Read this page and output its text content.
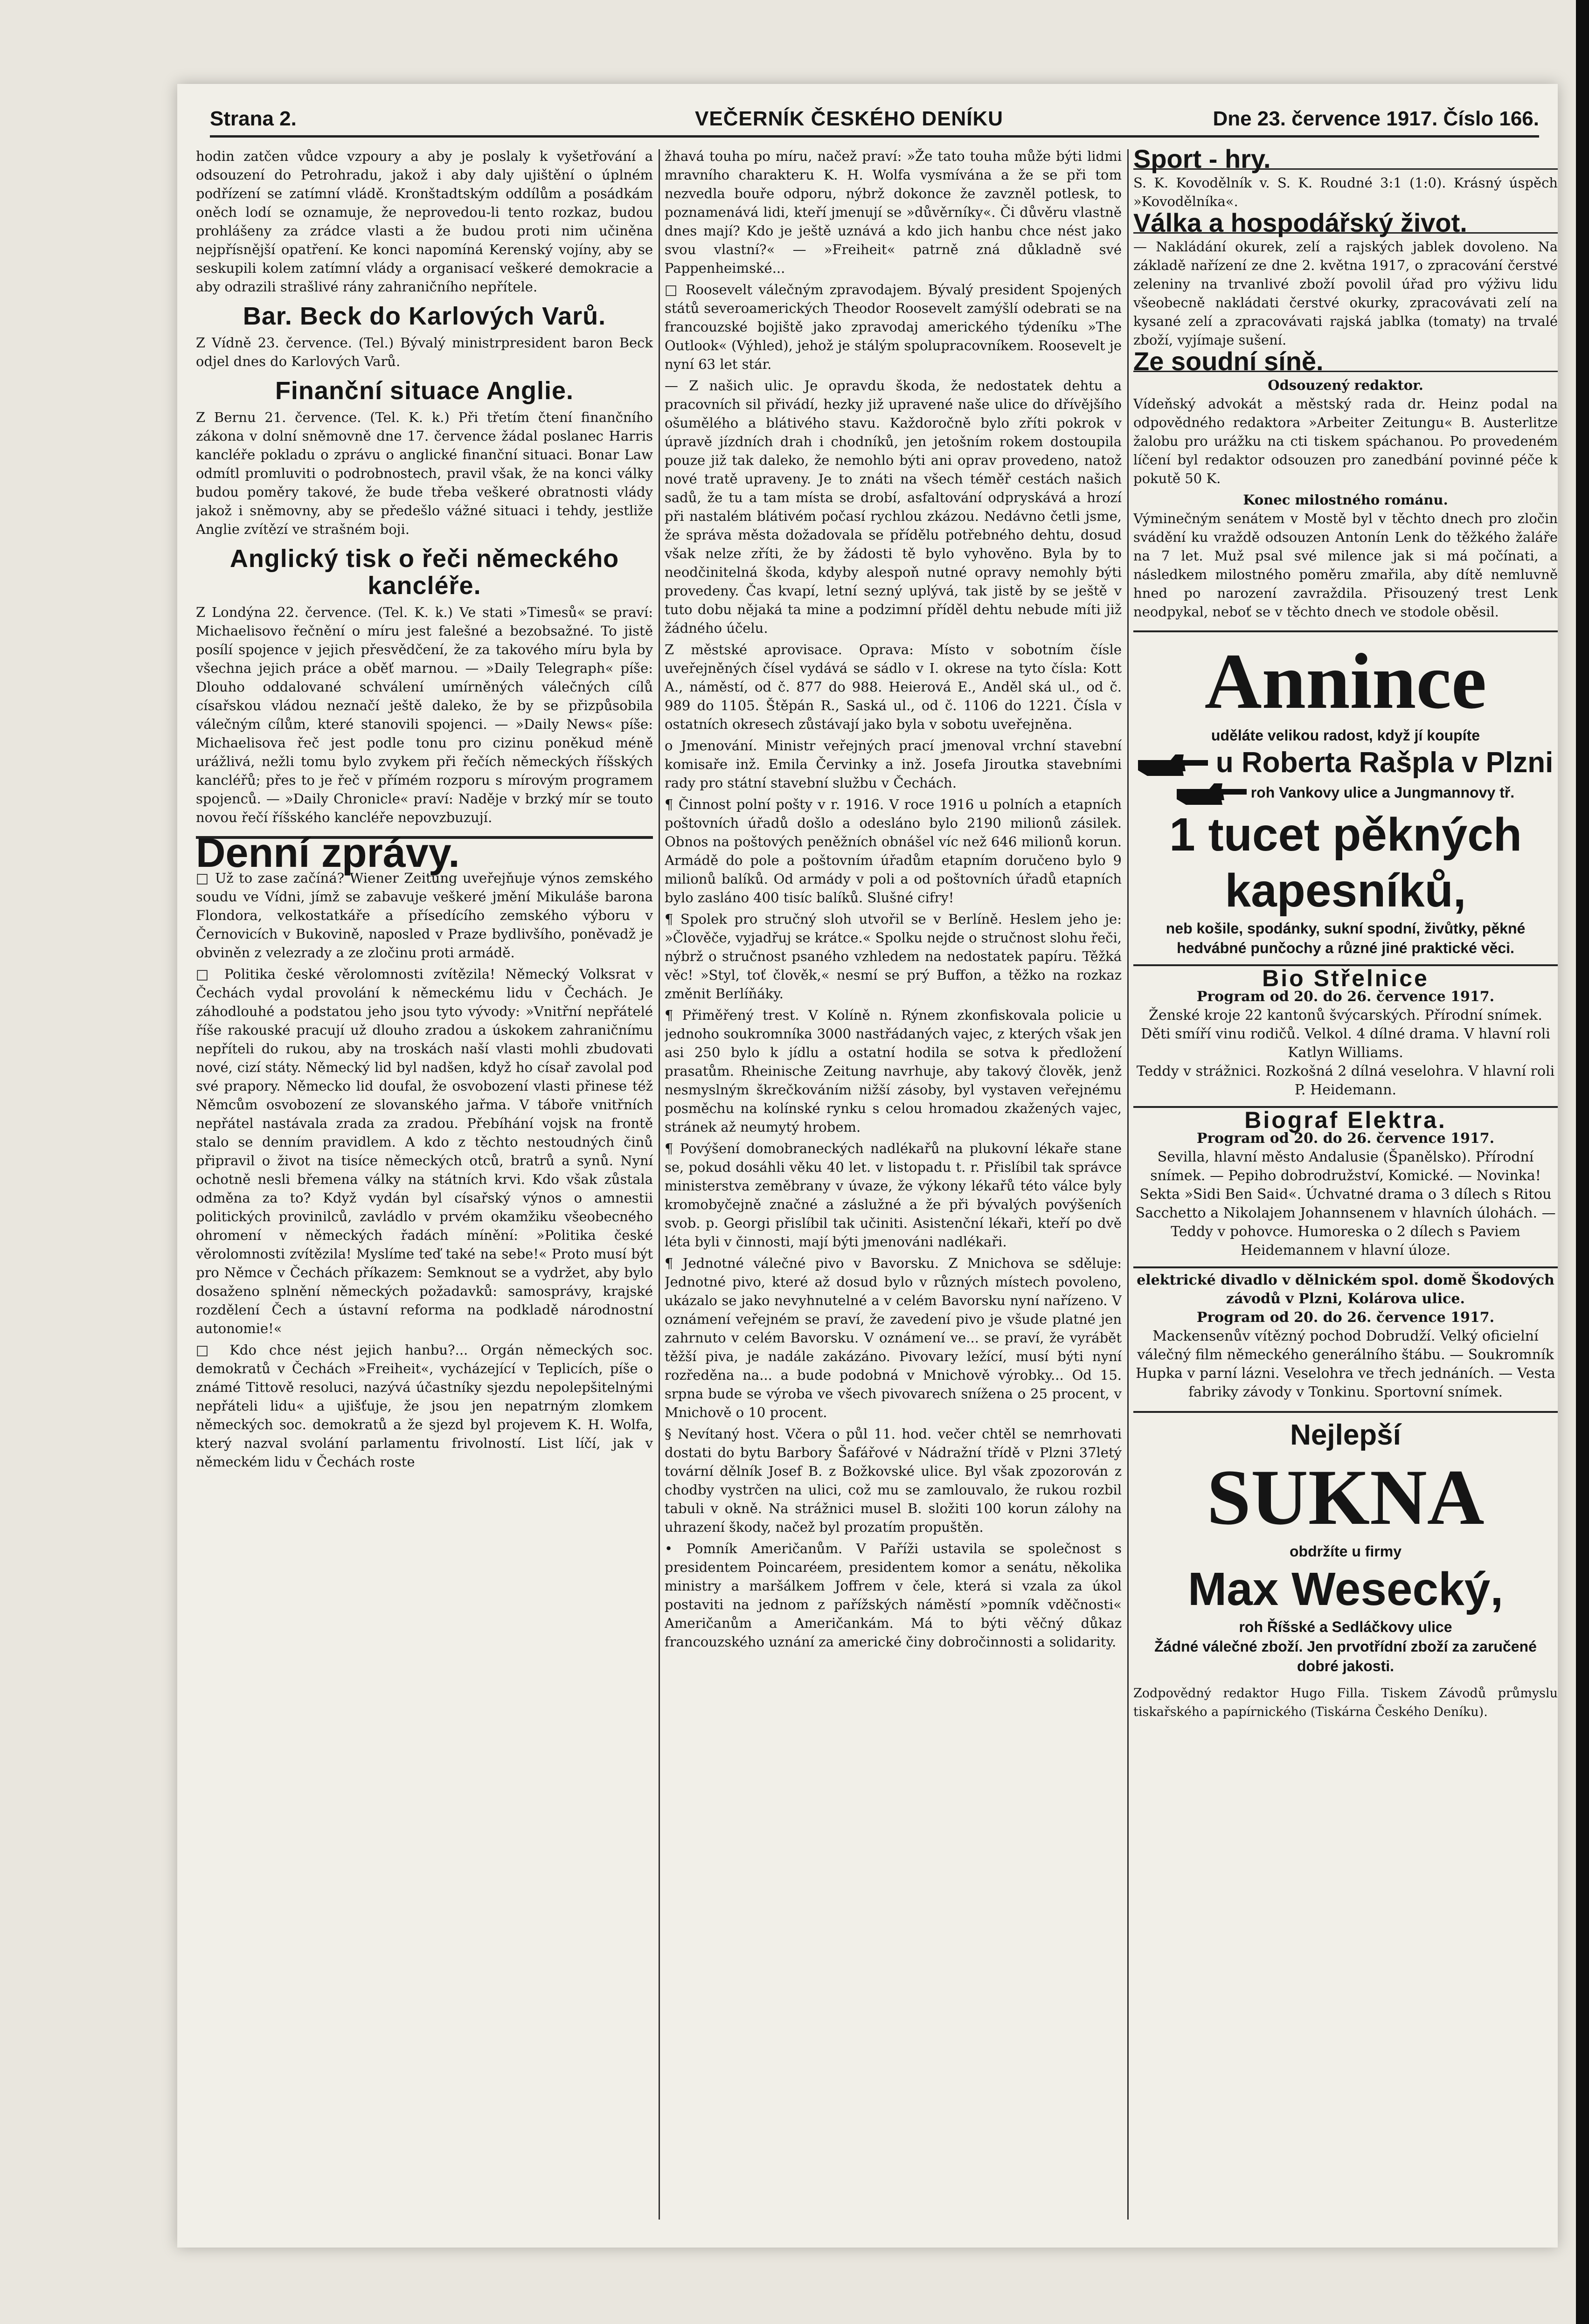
Strana 2.	VEČERNÍK ČESKÉHO DENÍKU	Dne 23. července 1917. Číslo 166.

hodin zatčen vůdce vzpoury a aby je poslaly k vyšetřování a odsouzení do Petrohradu, jakož i aby daly ujištění o úplném podřízení se zatímní vládě. Kronštadtským oddílům a posádkám oněch lodí se oznamuje, že neprovedou-li tento rozkaz, budou prohlášeny za zrádce vlasti a že budou proti nim učiněna nejpřísnější opatření. Ke konci napomíná Kerenský vojíny, aby se seskupili kolem zatímní vlády a organisací veškeré demokracie a aby odrazili strašlivé rány zahraničního nepřítele.

Bar. Beck do Karlových Varů.

Z Vídně 23. července. (Tel.) Bývalý ministrpresident baron Beck odjel dnes do Karlových Varů.

Finanční situace Anglie.

Z Bernu 21. července. (Tel. K. k.) Při třetím čtení finančního zákona v dolní sněmovně dne 17. července žádal poslanec Harris kancléře pokladu o zprávu o anglické finanční situaci. Bonar Law odmítl promluviti o podrobnostech, pravil však, že na konci války budou poměry takové, že bude třeba veškeré obratnosti vlády jakož i sněmovny, aby se předešlo vážné situaci i tehdy, jestliže Anglie zvítězí ve strašném boji.

Anglický tisk o řeči německého kancléře.

Z Londýna 22. července. (Tel. K. k.) Ve stati »Timesů« se praví: Michaelisovo řečnění o míru jest falešné a bezobsažné. To jistě posílí spojence v jejich přesvědčení, že za takového míru byla by všechna jejich práce a oběť marnou. — »Daily Telegraph« píše: Dlouho oddalované schválení umírněných válečných cílů císařskou vládou neznačí ještě daleko, že by se přizpůsobila válečným cílům, které stanovili spojenci. — »Daily News« píše: Michaelisova řeč jest podle tonu pro cizinu poněkud méně urážlivá, nežli tomu bylo zvykem při řečích německých říšských kancléřů; přes to je řeč v přímém rozporu s mírovým programem spojenců. — »Daily Chronicle« praví: Naděje v brzký mír se touto novou řečí říšského kancléře nepovzbuzují.

Denní zprávy.

□ Už to zase začíná? Wiener Zeitung uveřejňuje výnos zemského soudu ve Vídni, jímž se zabavuje veškeré jmění Mikuláše barona Flondora, velkostatkáře a přísedícího zemského výboru v Černovicích v Bukovině, naposled v Praze bydlivšího, poněvadž je obviněn z velezrady a ze zločinu proti armádě.

□ Politika české věrolomnosti zvítězila! Německý Volksrat v Čechách vydal provolání k německému lidu v Čechách. Je záhodlouhé a podstatou jeho jsou tyto vývody: »Vnitřní nepřátelé říše rakouské pracují už dlouho zradou a úskokem zahraničnímu nepříteli do rukou, aby na troskách naší vlasti mohli zbudovati nové, cizí státy. Německý lid byl nadšen, když ho císař zavolal pod své prapory. Německo lid doufal, že osvobození vlasti přinese též Němcům osvobození ze slovanského jařma. V táboře vnitřních nepřátel nastávala zrada za zradou. Přebíhání vojsk na frontě stalo se denním pravidlem. A kdo z těchto nestoudných činů připravil o život na tisíce německých otců, bratrů a synů. Nyní ochotně nesli břemena války na státních krvi. Kdo však zůstala odměna za to? Když vydán byl císařský výnos o amnestii politických provinilců, zavládlo v prvém okamžiku všeobecného ohromení v německých řadách mínění: »Politika české věrolomnosti zvítězila! Myslíme teď také na sebe!« Proto musí být pro Němce v Čechách příkazem: Semknout se a vydržet, aby bylo dosaženo splnění německých požadavků: samosprávy, krajské rozdělení Čech a ústavní reforma na podkladě národnostní autonomie!«

□ Kdo chce nést jejich hanbu?... Orgán německých soc. demokratů v Čechách »Freiheit«, vycházející v Teplicích, píše o známé Tittově resoluci, nazývá účastníky sjezdu nepolepšitelnými nepřáteli lidu« a ujišťuje, že jsou jen nepatrným zlomkem německých soc. demokratů a že sjezd byl projevem K. H. Wolfa, který nazval svolání parlamentu frivolností. List líčí, jak v německém lidu v Čechách roste

žhavá touha po míru, načež praví: »Že tato touha může býti lidmi mravního charakteru K. H. Wolfa vysmívána a že se při tom nezvedla bouře odporu, nýbrž dokonce že zavzněl potlesk, to poznamenává lidi, kteří jmenují se »důvěrníky«. Či důvěru vlastně dnes mají? Kdo je ještě uznává a kdo jich hanbu chce nést jako svou vlastní?« — »Freiheit« patrně zná důkladně své Pappenheimské...

□ Roosevelt válečným zpravodajem. Bývalý president Spojených států severoamerických Theodor Roosevelt zamýšlí odebrati se na francouzské bojiště jako zpravodaj amerického týdeníku »The Outlook« (Výhled), jehož je stálým spolupracovníkem. Roosevelt je nyní 63 let stár.

— Z našich ulic. Je opravdu škoda, že nedostatek dehtu a pracovních sil přivádí, hezky již upravené naše ulice do dřívějšího ošumělého a blátivého stavu. Každoročně bylo zříti pokrok v úpravě jízdních drah i chodníků, jen jetošním rokem dostoupila pouze již tak daleko, že nemohlo býti ani oprav provedeno, natož nové tratě upraveny. Je to znáti na všech téměř cestách našich sadů, že tu a tam místa se drobí, asfaltování odpryskává a hrozí při nastalém blátivém počasí rychlou zkázou. Nedávno četli jsme, že správa města dožadovala se přídělu potřebného dehtu, dosud však nelze zříti, že by žádosti tě bylo vyhověno. Byla by to neodčinitelná škoda, kdyby alespoň nutné opravy nemohly býti provedeny. Čas kvapí, letní sezný uplývá, tak jistě by se ještě v tuto dobu nějaká ta mine a podzimní příděl dehtu nebude míti již žádného účelu.

Z městské aprovisace. Oprava: Místo v sobotním čísle uveřejněných čísel vydává se sádlo v I. okrese na tyto čísla: Kott A., náměstí, od č. 877 do 988. Heierová E., Anděl ská ul., od č. 989 do 1105. Štěpán R., Saská ul., od č. 1106 do 1221. Čísla v ostatních okresech zůstávají jako byla v sobotu uveřejněna.

o Jmenování. Ministr veřejných prací jmenoval vrchní stavební komisaře inž. Emila Červinky a inž. Josefa Jiroutka stavebními rady pro státní stavební službu v Čechách.

¶ Činnost polní pošty v r. 1916. V roce 1916 u polních a etapních poštovních úřadů došlo a odesláno bylo 2190 milionů zásilek. Obnos na poštových peněžních obnášel víc než 646 milionů korun. Armádě do pole a poštovním úřadům etapním doručeno bylo 9 milionů balíků. Od armády v poli a od poštovních úřadů etapních bylo zasláno 400 tisíc balíků. Slušné cifry!

¶ Spolek pro stručný sloh utvořil se v Berlíně. Heslem jeho je: »Člověče, vyjadřuj se krátce.« Spolku nejde o stručnost slohu řeči, nýbrž o stručnost psaného vzhledem na nedostatek papíru. Těžká věc! »Styl, toť člověk,« nesmí se prý Buffon, a těžko na rozkaz změnit Berlíňáky.

¶ Přiměřený trest. V Kolíně n. Rýnem zkonfiskovala policie u jednoho soukromníka 3000 nastřádaných vajec, z kterých však jen asi 250 bylo k jídlu a ostatní hodila se sotva k předložení prasatům. Rheinische Zeitung navrhuje, aby takový člověk, jenž nesmyslným škrečkováním nižší zásoby, byl vystaven veřejnému posměchu na kolínské rynku s celou hromadou zkažených vajec, stránek až neumytý hrobem.

¶ Povýšení domobraneckých nadlékařů na plukovní lékaře stane se, pokud dosáhli věku 40 let. v listopadu t. r. Přislíbil tak správce ministerstva zeměbrany v úvaze, že výkony lékařů této válce byly kromobyčejně značné a záslužné a že při bývalých povýšeních svob. p. Georgi přislíbil tak učiniti. Asistenční lékaři, kteří po dvě léta byli v činnosti, mají býti jmenováni nadlékaři.

¶ Jednotné válečné pivo v Bavorsku. Z Mnichova se sděluje: Jednotné pivo, které až dosud bylo v různých místech povoleno, ukázalo se jako nevyhnutelné a v celém Bavorsku nyní nařízeno. V oznámení veřejném se praví, že zavedení pivo je všude platné jen zahrnuto v celém Bavorsku. V oznámení ve... se praví, že vyrábět těžší piva, je nadále zakázáno. Pivovary ležící, musí býti nyní rozředěna na... a bude podobná v Mnichově výrobky... Od 15. srpna bude se výroba ve všech pivovarech snížena o 25 procent, v Mnichově o 10 procent.

§ Nevítaný host. Včera o půl 11. hod. večer chtěl se nemrhovati dostati do bytu Barbory Šafářové v Nádražní třídě v Plzni 37letý tovární dělník Josef B. z Božkovské ulice. Byl však zpozorován z chodby vystrčen na ulici, což mu se zamlouvalo, že rukou rozbil tabuli v okně. Na strážnici musel B. složiti 100 korun zálohy na uhrazení škody, načež byl prozatím propuštěn.

• Pomník Američanům. V Paříži ustavila se společnost s presidentem Poincaréem, presidentem komor a senátu, několika ministry a maršálkem Joffrem v čele, která si vzala za úkol postaviti na jednom z pařížských náměstí »pomník vděčnosti« Američanům a Američankám. Má to býti věčný důkaz francouzského uznání za americké činy dobročinnosti a solidarity.

Sport - hry.

S. K. Kovodělník v. S. K. Roudné 3:1 (1:0). Krásný úspěch »Kovodělníka«.

Válka a hospodářský život.

— Nakládání okurek, zelí a rajských jablek dovoleno. Na základě nařízení ze dne 2. května 1917, o zpracování čerstvé zeleniny na trvanlivé zboží povolil úřad pro výživu lidu všeobecně nakládati čerstvé okurky, zpracovávati zelí na kysané zelí a zpracovávati rajská jablka (tomaty) na trvalé zboží, vyjímaje sušení.

Ze soudní síně.
Odsouzený redaktor.

Vídeňský advokát a městský rada dr. Heinz podal na odpovědného redaktora »Arbeiter Zeitungu« B. Austerlitze žalobu pro urážku na cti tiskem spáchanou. Po provedeném líčení byl redaktor odsouzen pro zanedbání povinné péče k pokutě 50 K.

Konec milostného románu.

Výminečným senátem v Mostě byl v těchto dnech pro zločin svádění ku vraždě odsouzen Antonín Lenk do těžkého žaláře na 7 let. Muž psal své milence jak si má počínati, a následkem milostného poměru zmařila, aby dítě nemluvně hned po narození zavraždila. Přisouzený trest Lenk neodpykal, neboť se v těchto dnech ve stodole oběsil.

Annince
uděláte velikou radost, když jí koupíte
u Roberta Rašpla v Plzni
roh Vankovy ulice a Jungmannovy tř.
1 tucet pěkných
kapesníků,
neb košile, spodánky, sukní spodní, živůtky, pěkné hedvábné punčochy a různé jiné praktické věci.
Bio Střelnice
Program od 20. do 26. července 1917.
Ženské kroje 22 kantonů švýcarských. Přírodní snímek.
Děti smíří vinu rodičů. Velkol. 4 dílné drama. V hlavní roli Katlyn Williams.
Teddy v strážnici. Rozkošná 2 dílná veselohra. V hlavní roli P. Heidemann.
Biograf Elektra.
Program od 20. do 26. července 1917.
Sevilla, hlavní město Andalusie (Španělsko). Přírodní snímek. — Pepiho dobrodružství, Komické. — Novinka! Sekta »Sidi Ben Said«. Úchvatné drama o 3 dílech s Ritou Sacchetto a Nikolajem Johannsenem v hlavních úlohách. — Teddy v pohovce. Humoreska o 2 dílech s Paviem Heidemannem v hlavní úloze.
elektrické divadlo v dělnickém spol. domě Škodových závodů v Plzni, Kolárova ulice.
Program od 20. do 26. července 1917.
Mackensenův vítězný pochod Dobrudží. Velký oficielní válečný film německého generálního štábu. — Soukromník Hupka v parní lázni. Veselohra ve třech jednáních. — Vesta fabriky závody v Tonkinu. Sportovní snímek.
Nejlepší
SUKNA
obdržíte u firmy
Max Wesecký,
roh Říšské a Sedláčkovy ulice
Žádné válečné zboží. Jen prvotřídní zboží za zaručené dobré jakosti.

Zodpovědný redaktor Hugo Filla. Tiskem Závodů průmyslu tiskařského a papírnického (Tiskárna Českého Deníku).
